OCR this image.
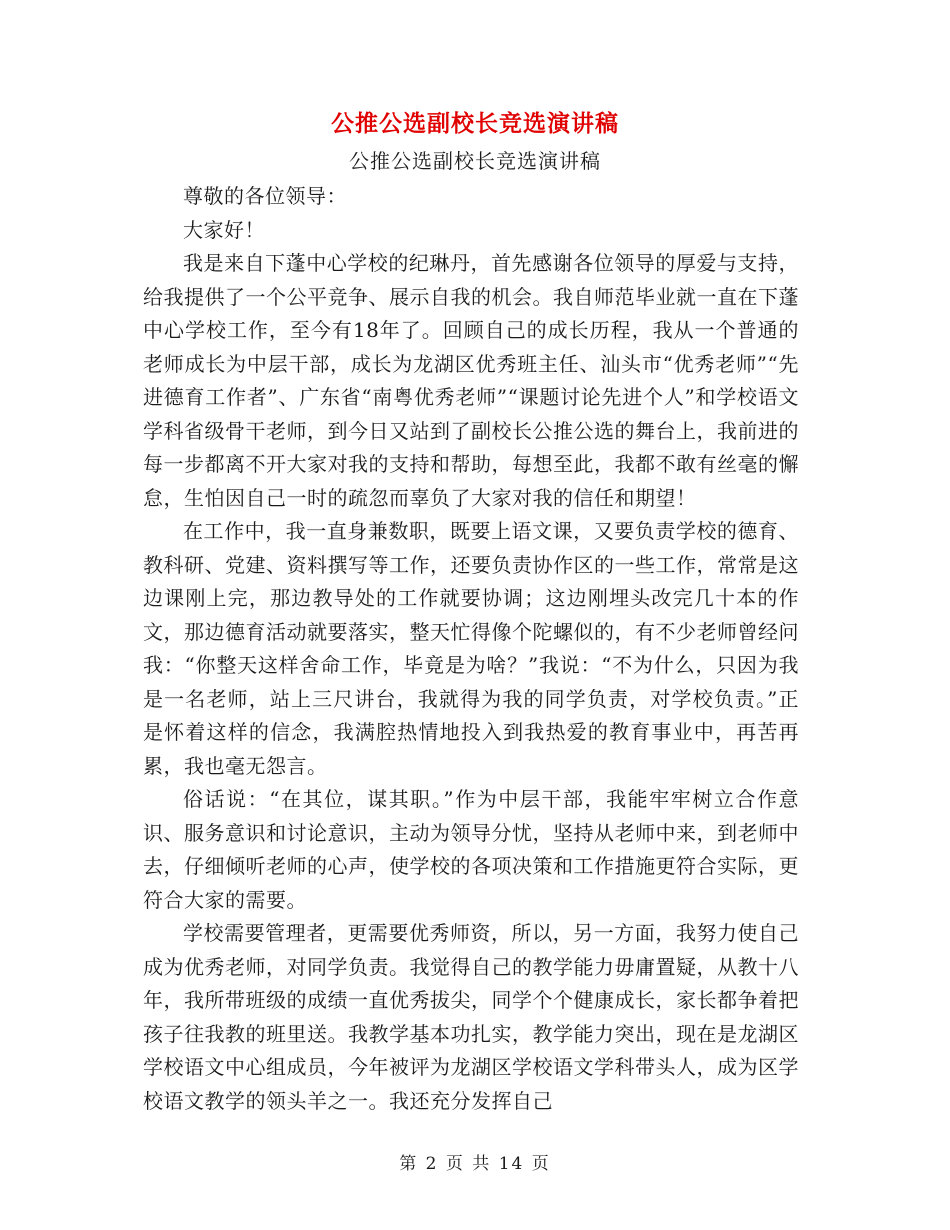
公推公选副校长竞选演讲稿
公推公选副校长竞选演讲稿

尊敬的各位领导：

大家好！

我是来自下蓬中心学校的纪琳丹，首先感谢各位领导的厚爱与支持，给我提供了一个公平竞争、展示自我的机会。我自师范毕业就一直在下蓬中心学校工作，至今有18年了。回顾自己的成长历程，我从一个普通的老师成长为中层干部，成长为龙湖区优秀班主任、汕头市“优秀老师”“先进德育工作者”、广东省“南粤优秀老师”“课题讨论先进个人”和学校语文学科省级骨干老师，到今日又站到了副校长公推公选的舞台上，我前进的每一步都离不开大家对我的支持和帮助，每想至此，我都不敢有丝毫的懈怠，生怕因自己一时的疏忽而辜负了大家对我的信任和期望！

在工作中，我一直身兼数职，既要上语文课，又要负责学校的德育、教科研、党建、资料撰写等工作，还要负责协作区的一些工作，常常是这边课刚上完，那边教导处的工作就要协调；这边刚埋头改完几十本的作文，那边德育活动就要落实，整天忙得像个陀螺似的，有不少老师曾经问我：“你整天这样舍命工作，毕竟是为啥？”我说：“不为什么，只因为我是一名老师，站上三尺讲台，我就得为我的同学负责，对学校负责。”正是怀着这样的信念，我满腔热情地投入到我热爱的教育事业中，再苦再累，我也毫无怨言。

俗话说：“在其位，谋其职。”作为中层干部，我能牢牢树立合作意识、服务意识和讨论意识，主动为领导分忧，坚持从老师中来，到老师中去，仔细倾听老师的心声，使学校的各项决策和工作措施更符合实际，更符合大家的需要。

学校需要管理者，更需要优秀师资，所以，另一方面，我努力使自己成为优秀老师，对同学负责。我觉得自己的教学能力毋庸置疑，从教十八年，我所带班级的成绩一直优秀拔尖，同学个个健康成长，家长都争着把孩子往我教的班里送。我教学基本功扎实，教学能力突出，现在是龙湖区学校语文中心组成员，今年被评为龙湖区学校语文学科带头人，成为区学校语文教学的领头羊之一。我还充分发挥自己

第 2 页 共 14 页
